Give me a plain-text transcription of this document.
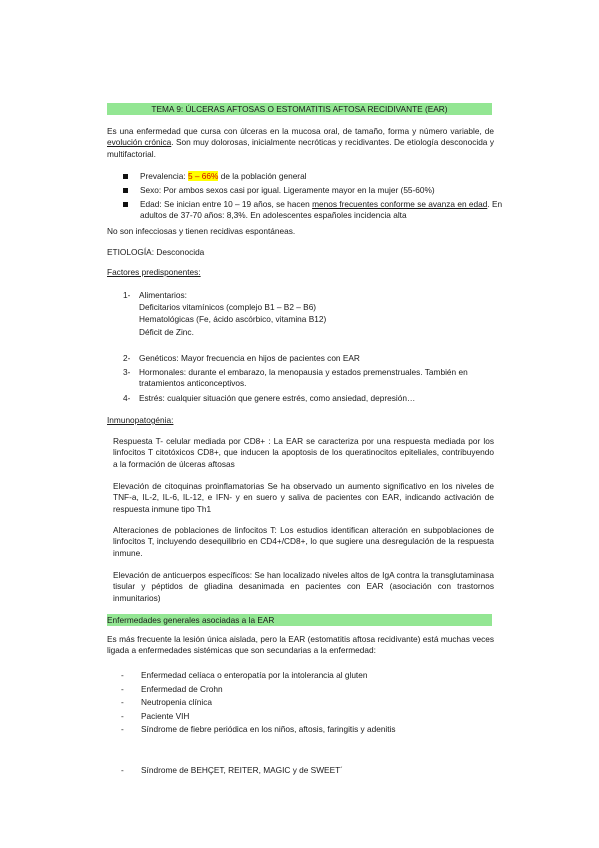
TEMA 9: ÚLCERAS AFTOSAS O ESTOMATITIS AFTOSA RECIDIVANTE (EAR)
Es una enfermedad que cursa con úlceras en la mucosa oral, de tamaño, forma y número variable, de evolución crónica. Son muy dolorosas, inicialmente necróticas y recidivantes. De etiología desconocida y multifactorial.
Prevalencia: 5 – 66% de la población general
Sexo: Por ambos sexos casi por igual. Ligeramente mayor en la mujer (55-60%)
Edad: Se inician entre 10 – 19 años, se hacen menos frecuentes conforme se avanza en edad. En adultos de 37-70 años: 8,3%. En adolescentes españoles incidencia alta
No son infecciosas y tienen recidivas espontáneas.
ETIOLOGÍA: Desconocida
Factores predisponentes:
1- Alimentarios:
Deficitarios vitamínicos (complejo B1 – B2 – B6)
Hematológicas (Fe, ácido ascórbico, vitamina B12)
Déficit de Zinc.
2- Genéticos: Mayor frecuencia en hijos de pacientes con EAR
3- Hormonales: durante el embarazo, la menopausia y estados premenstruales. También en tratamientos anticonceptivos.
4- Estrés: cualquier situación que genere estrés, como ansiedad, depresión…
Inmunopatogénia:
Respuesta T- celular mediada por CD8+ : La EAR se caracteriza por una respuesta mediada por los linfocitos T citotóxicos CD8+, que inducen la apoptosis de los queratinocitos epiteliales, contribuyendo a la formación de úlceras aftosas
Elevación de citoquinas proinflamatorias Se ha observado un aumento significativo en los niveles de TNF-a, IL-2, IL-6, IL-12, e IFN- y en suero y saliva de pacientes con EAR, indicando activación de respuesta inmune tipo Th1
Alteraciones de poblaciones de linfocitos T: Los estudios identifican alteración en subpoblaciones de linfocitos T, incluyendo desequilibrio en CD4+/CD8+, lo que sugiere una desregulación de la respuesta inmune.
Elevación de anticuerpos específicos: Se han localizado niveles altos de IgA contra la transglutaminasa tisular y péptidos de gliadina desanimada en pacientes con EAR (asociación con trastornos inmunitarios)
Enfermedades generales asociadas a la EAR
Es más frecuente la lesión única aislada, pero la EAR (estomatitis aftosa recidivante) está muchas veces ligada a enfermedades sistémicas que son secundarias a la enfermedad:
- Enfermedad celíaca o enteropatía por la intolerancia al gluten
- Enfermedad de Crohn
- Neutropenia clínica
- Paciente VIH
- Síndrome de fiebre periódica en los niños, aftosis, faringitis y adenitis
- Síndrome de BEHÇET, REITER, MAGIC y de SWEET´
